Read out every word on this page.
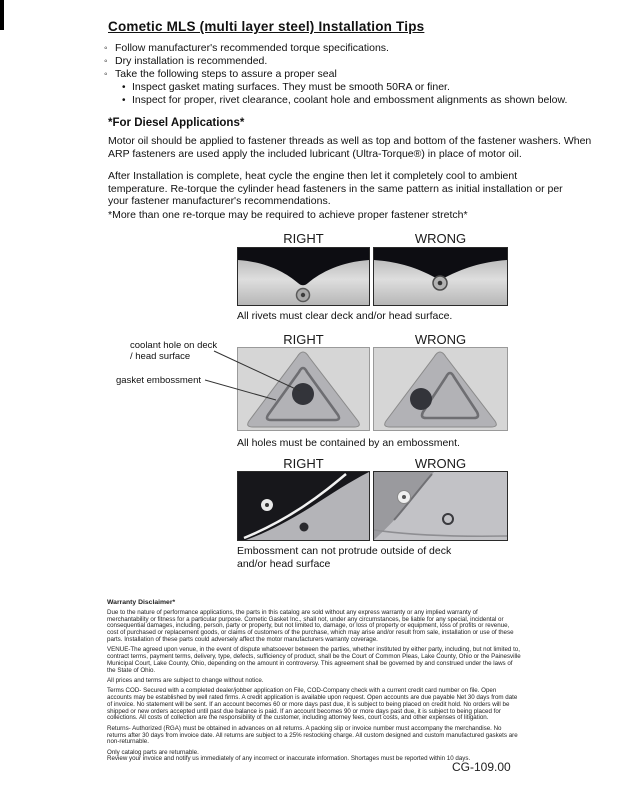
Cometic MLS (multi layer steel) Installation Tips
◦ Follow manufacturer's recommended torque specifications.
◦ Dry installation is recommended.
◦ Take the following steps to assure a proper seal
• Inspect gasket mating surfaces. They must be smooth 50RA or finer.
• Inspect for proper, rivet clearance, coolant hole and embossment alignments as shown below.
*For Diesel Applications*
Motor oil should be applied to fastener threads as well as top and bottom of the fastener washers. When ARP fasteners are used apply the included lubricant (Ultra-Torque®) in place of motor oil.
After Installation is complete, heat cycle the engine then let it completely cool to ambient temperature. Re-torque the cylinder head fasteners in the same pattern as initial installation or per your fastener manufacturer's recommendations.
*More than one re-torque may be required to achieve proper fastener stretch*
RIGHT	WRONG
All rivets must clear deck and/or head surface.
RIGHT	WRONG
coolant hole on deck / head surface
gasket embossment
All holes must be contained by an embossment.
RIGHT	WRONG
Embossment can not protrude outside of deck and/or head surface
Warranty Disclaimer*

Due to the nature of performance applications, the parts in this catalog are sold without any express warranty or any implied warranty of merchantability or fitness for a particular purpose. Cometic Gasket Inc., shall not, under any circumstances, be liable for any special, incidental or consequential damages, including, person, party or property, but not limited to, damage, or loss of property or equipment, loss of profits or revenue, cost of purchased or replacement goods, or claims of customers of the purchase, which may arise and/or result from sale, installation or use of these parts. Installation of these parts could adversely affect the motor manufacturers warranty coverage.

VENUE-The agreed upon venue, in the event of dispute whatsoever between the parties, whether instituted by either party, including, but not limited to, contract terms, payment terms, delivery, type, defects, sufficiency of product, shall be the Court of Common Pleas, Lake County, Ohio or the Painesville Municipal Court, Lake County, Ohio, depending on the amount in controversy. This agreement shall be governed by and construed under the laws of the State of Ohio.

All prices and terms are subject to change without notice.

Terms COD- Secured with a completed dealer/jobber application on File, COD-Company check with a current credit card number on file. Open accounts may be established by well rated firms. A credit application is available upon request. Open accounts are due payable Net 30 days from date of invoice. No statement will be sent. If an account becomes 60 or more days past due, it is subject to being placed on credit hold. No orders will be shipped or new orders accepted until past due balance is paid. If an account becomes 90 or more days past due, it is subject to being placed for collections. All costs of collection are the responsibility of the customer, including attorney fees, court costs, and other expenses of litigation.

Returns- Authorized (RGA) must be obtained in advances on all returns. A packing slip or invoice number must accompany the merchandise. No returns after 30 days from invoice date. All returns are subject to a 25% restocking charge. All custom designed and custom manufactured gaskets are non-returnable.

Only catalog parts are returnable.

Review your invoice and notify us immediately of any incorrect or inaccurate information. Shortages must be reported within 10 days.

CG-109.00
